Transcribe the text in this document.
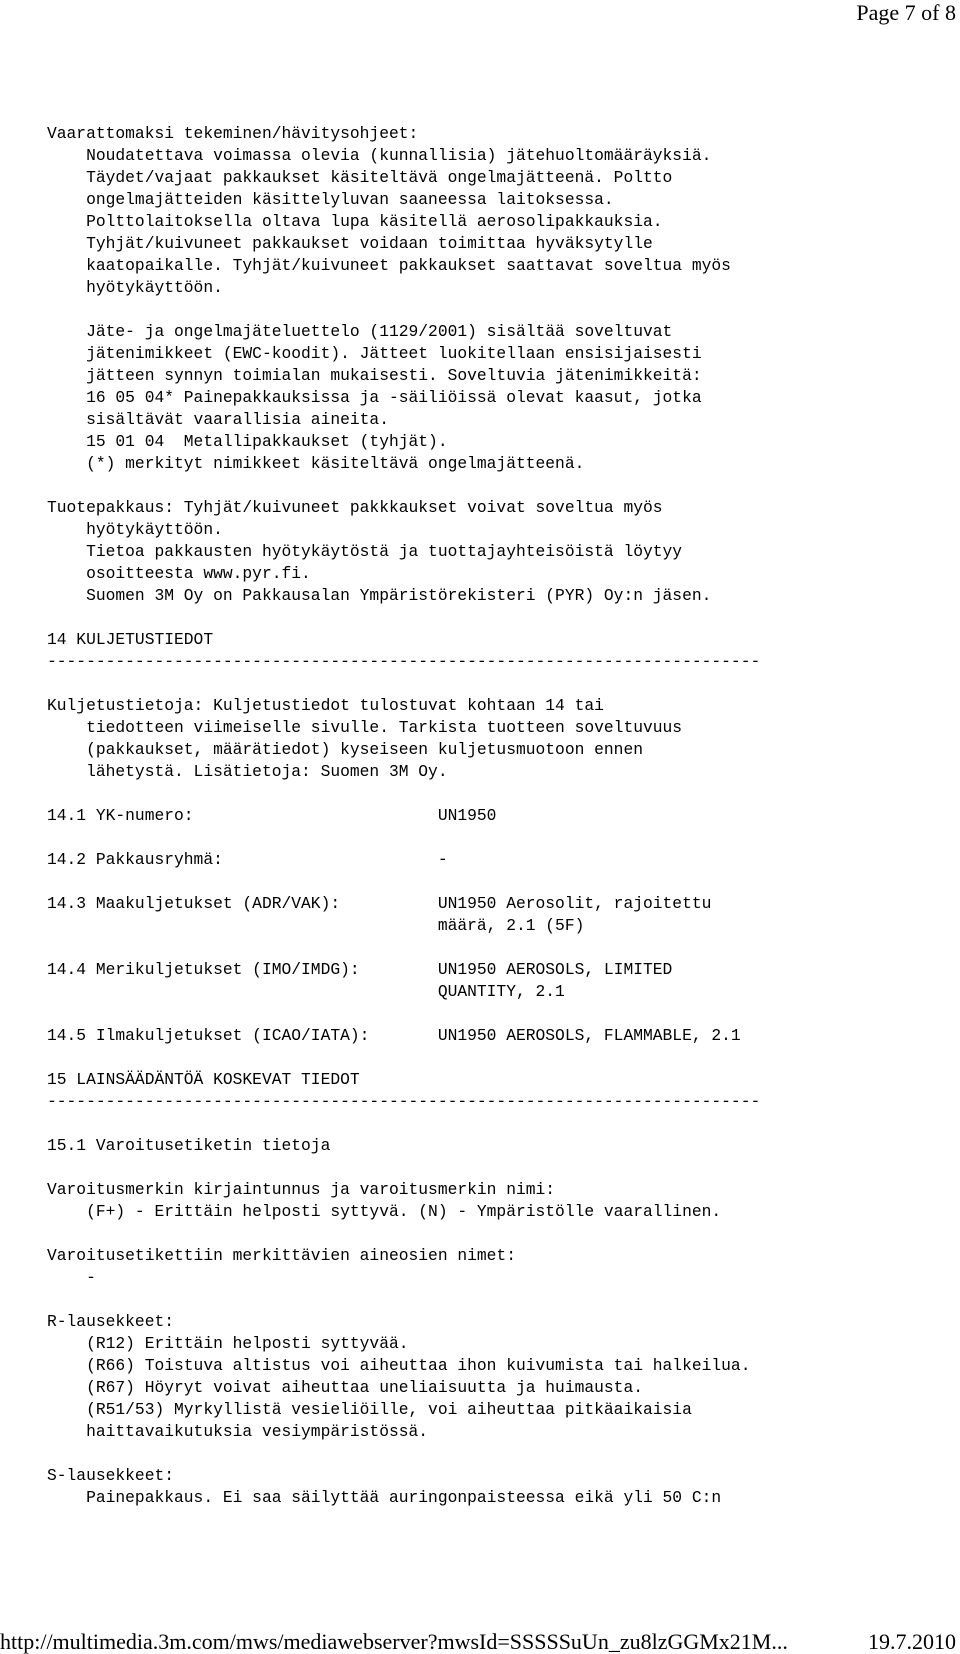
Page 7 of 8
Vaarattomaksi tekeminen/hävitysohjeet:
Noudatettava voimassa olevia (kunnallisia) jätehuoltomääräyksiä.
Täydet/vajaat pakkaukset käsiteltävä ongelmajätteenä. Poltto
ongelmajätteiden käsittelyluvan saaneessa laitoksessa.
Polttolaitoksella oltava lupa käsitellä aerosolipakkauksia.
Tyhjät/kuivuneet pakkaukset voidaan toimittaa hyväksytylle
kaatopaikalle. Tyhjät/kuivuneet pakkaukset saattavat soveltua myös
hyötykäyttöön.
Jäte- ja ongelmajäteluettelo (1129/2001) sisältää soveltuvat
jätenimikkeet (EWC-koodit). Jätteet luokitellaan ensisijaisesti
jätteen synnyn toimialan mukaisesti. Soveltuvia jätenimikkeitä:
16 05 04* Painepakkauksissa ja -säiliöissä olevat kaasut, jotka
sisältävät vaarallisia aineita.
15 01 04  Metallipakkaukset (tyhjät).
(*) merkityt nimikkeet käsiteltävä ongelmajätteenä.
Tuotepakkaus: Tyhjät/kuivuneet pakkkaukset voivat soveltua myös
hyötykäyttöön.
Tietoa pakkausten hyötykäytöstä ja tuottajayhteisöistä löytyy
osoitteesta www.pyr.fi.
Suomen 3M Oy on Pakkausalan Ympäristörekisteri (PYR) Oy:n jäsen.
14 KULJETUSTIEDOT
-------------------------------------------------------------------------
Kuljetustietoja: Kuljetustiedot tulostuvat kohtaan 14 tai
tiedotteen viimeiselle sivulle. Tarkista tuotteen soveltuvuus
(pakkaukset, määrätiedot) kyseiseen kuljetusmuotoon ennen
lähetystä. Lisätietoja: Suomen 3M Oy.
14.1 YK-numero:                         UN1950
14.2 Pakkausryhmä:                      -
14.3 Maakuljetukset (ADR/VAK):          UN1950 Aerosolit, rajoitettu
määrä, 2.1 (5F)
14.4 Merikuljetukset (IMO/IMDG):        UN1950 AEROSOLS, LIMITED
QUANTITY, 2.1
14.5 Ilmakuljetukset (ICAO/IATA):       UN1950 AEROSOLS, FLAMMABLE, 2.1
15 LAINSÄÄDÄNTÖÄ KOSKEVAT TIEDOT
-------------------------------------------------------------------------
15.1 Varoitusetiketin tietoja
Varoitusmerkin kirjaintunnus ja varoitusmerkin nimi:
(F+) - Erittäin helposti syttyvä. (N) - Ympäristölle vaarallinen.
Varoitusetikettiin merkittävien aineosien nimet:
-
R-lausekkeet:
(R12) Erittäin helposti syttyvää.
(R66) Toistuva altistus voi aiheuttaa ihon kuivumista tai halkeilua.
(R67) Höyryt voivat aiheuttaa uneliaisuutta ja huimausta.
(R51/53) Myrkyllistä vesieliöille, voi aiheuttaa pitkäaikaisia
haittavaikutuksia vesiympäristössä.
S-lausekkeet:
Painepakkaus. Ei saa säilyttää auringonpaisteessa eikä yli 50 C:n
http://multimedia.3m.com/mws/mediawebserver?mwsId=SSSSSuUn_zu8lzGGMx21M...	19.7.2010
